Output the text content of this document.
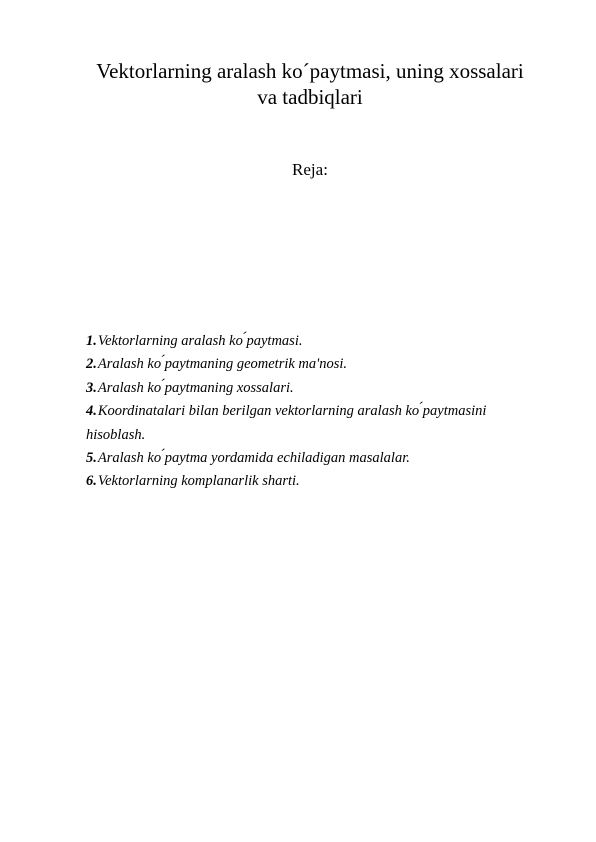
Vektorlarning aralash ko´paytmasi, uning xossalari
va tadbiqlari

Reja:

1.Vektorlarning aralash ko ́paytmasi.
2.Aralash ko ́paytmaning geometrik ma'nosi.
3.Aralash ko ́paytmaning xossalari.
4.Koordinatalari bilan berilgan vektorlarning aralash ko ́paytmasini hisoblash.
5.Aralash ko ́paytma yordamida echiladigan masalalar.
6.Vektorlarning komplanarlik sharti.
